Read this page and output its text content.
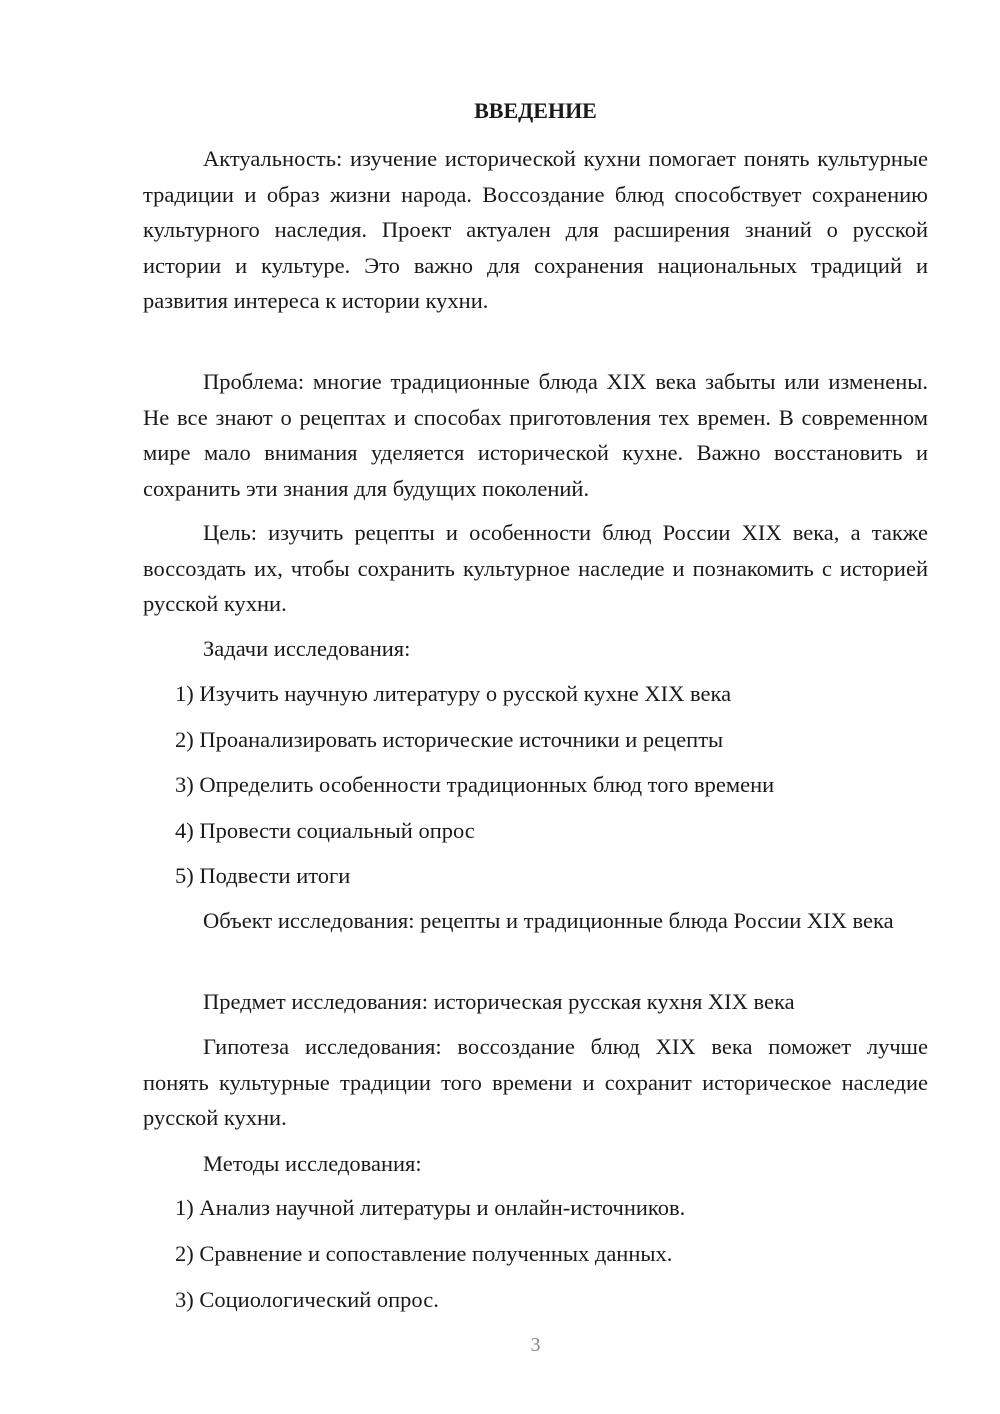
ВВЕДЕНИЕ

Актуальность: изучение исторической кухни помогает понять культурные традиции и образ жизни народа. Воссоздание блюд способствует сохранению культурного наследия. Проект актуален для расширения знаний о русской истории и культуре. Это важно для сохранения национальных традиций и развития интереса к истории кухни.

Проблема: многие традиционные блюда XIX века забыты или изменены. Не все знают о рецептах и способах приготовления тех времен. В современном мире мало внимания уделяется исторической кухне. Важно восстановить и сохранить эти знания для будущих поколений.

Цель: изучить рецепты и особенности блюд России XIX века, а также воссоздать их, чтобы сохранить культурное наследие и познакомить с историей русской кухни.

Задачи исследования:

1) Изучить научную литературу о русской кухне XIX века

2) Проанализировать исторические источники и рецепты

3) Определить особенности традиционных блюд того времени

4) Провести социальный опрос

5) Подвести итоги

Объект исследования: рецепты и традиционные блюда России XIX века

Предмет исследования: историческая русская кухня XIX века

Гипотеза исследования: воссоздание блюд XIX века поможет лучше понять культурные традиции того времени и сохранит историческое наследие русской кухни.

Методы исследования:

1) Анализ научной литературы и онлайн-источников.

2) Сравнение и сопоставление полученных данных.

3) Социологический опрос.

3
